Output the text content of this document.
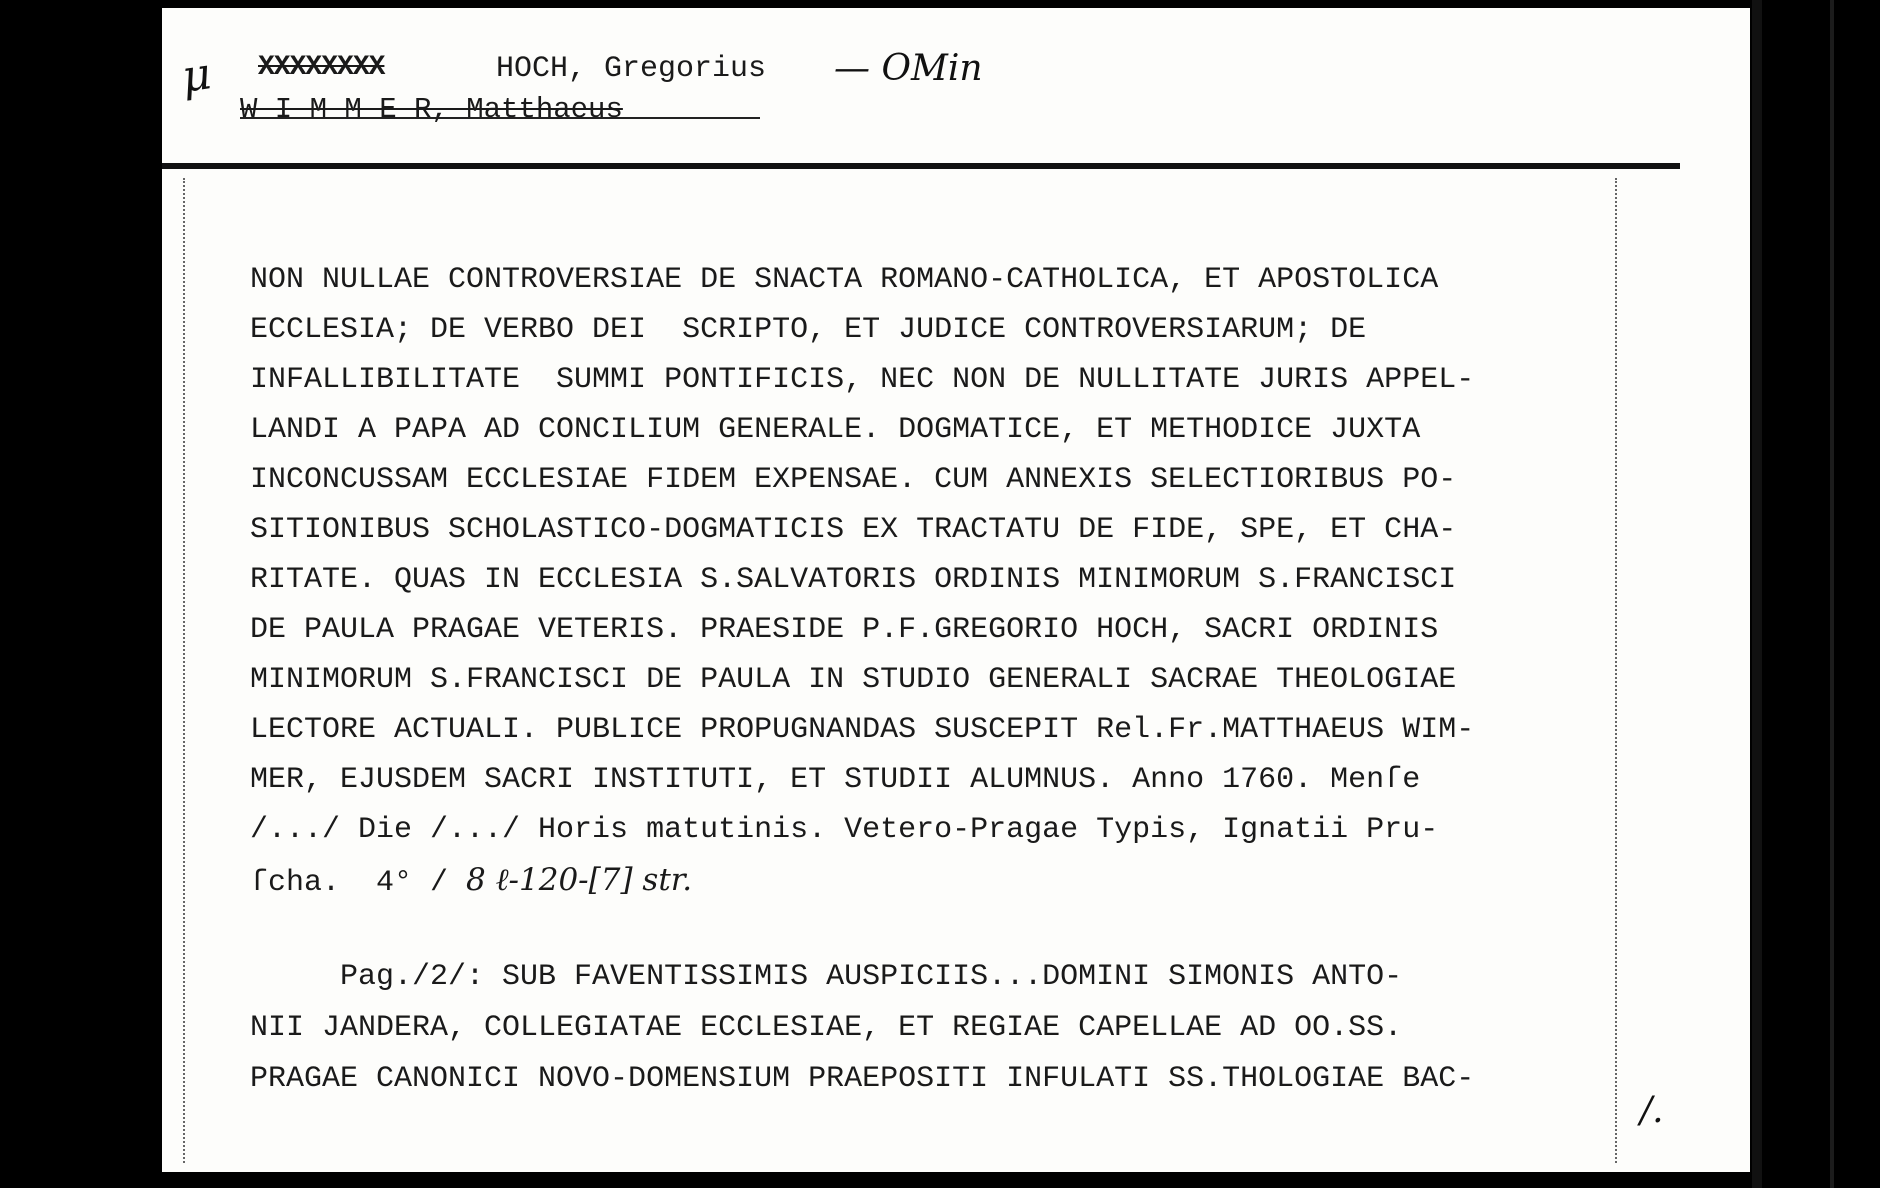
μ XXXXXXXX	HOCH, Gregorius — OMin
W I M M E R, Matthaeus
NON NULLAE CONTROVERSIAE DE SNACTA ROMANO-CATHOLICA, ET APOSTOLICA
ECCLESIA; DE VERBO DEI  SCRIPTO, ET JUDICE CONTROVERSIARUM; DE
INFALLIBILITATE  SUMMI PONTIFICIS, NEC NON DE NULLITATE JURIS APPEL-
LANDI A PAPA AD CONCILIUM GENERALE. DOGMATICE, ET METHODICE JUXTA
INCONCUSSAM ECCLESIAE FIDEM EXPENSAE. CUM ANNEXIS SELECTIORIBUS PO-
SITIONIBUS SCHOLASTICO-DOGMATICIS EX TRACTATU DE FIDE, SPE, ET CHA-
RITATE. QUAS IN ECCLESIA S.SALVATORIS ORDINIS MINIMORUM S.FRANCISCI
DE PAULA PRAGAE VETERIS. PRAESIDE P.F.GREGORIO HOCH, SACRI ORDINIS
MINIMORUM S.FRANCISCI DE PAULA IN STUDIO GENERALI SACRAE THEOLOGIAE
LECTORE ACTUALI. PUBLICE PROPUGNANDAS SUSCEPIT Rel.Fr.MATTHAEUS WIM-
MER, EJUSDEM SACRI INSTITUTI, ET STUDII ALUMNUS. Anno 1760. Menſe
/.../ Die /.../ Horis matutinis. Vetero-Pragae Typis, Ignatii Pru-
ſcha.  4° / 8 ℓ-120-[7] str.
Pag./2/: SUB FAVENTISSIMIS AUSPICIIS...DOMINI SIMONIS ANTO-
NII JANDERA, COLLEGIATAE ECCLESIAE, ET REGIAE CAPELLAE AD OO.SS.
PRAGAE CANONICI NOVO-DOMENSIUM PRAEPOSITI INFULATI SS.THOLOGIAE BAC-
/.
